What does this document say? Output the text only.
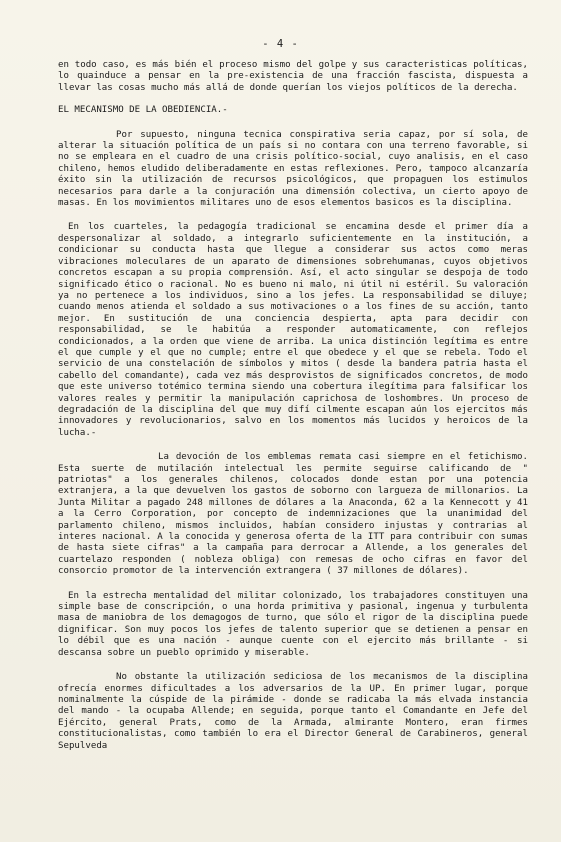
- 4 -

en todo caso, es más bién el proceso mismo del golpe y sus caracteristicas políticas, lo quainduce a pensar en la pre-existencia de una fracción fascista, dispuesta a llevar las cosas mucho más allá de donde querían los viejos políticos de la derecha.

EL MECANISMO DE LA OBEDIENCIA.-

Por supuesto, ninguna tecnica conspirativa seria capaz, por sí sola, de alterar la situación política de un país si no contara con una terreno favorable, si no se empleara en el cuadro de una crisis político-social, cuyo analisis, en el caso chileno, hemos eludido deliberadamente en estas reflexiones. Pero, tampoco alcanzaría éxito sin la utilización de recursos psicológicos, que propaguen los estimulos necesarios para darle a la conjuración una dimensión colectiva, un cierto apoyo de masas. En los movimientos militares uno de esos elementos basicos es la disciplina.

En los cuarteles, la pedagogía tradicional se encamina desde el primer día a despersonalizar al soldado, a integrarlo suficientemente en la institución, a condicionar su conducta hasta que llegue a considerar sus actos como meras vibraciones moleculares de un aparato de dimensiones sobrehumanas, cuyos objetivos concretos escapan a su propia comprensión. Así, el acto singular se despoja de todo significado ético o racional. No es bueno ni malo, ni útil ni estéril. Su valoración ya no pertenece a los individuos, sino a los jefes. La responsabilidad se diluye; cuando menos atienda el soldado a sus motivaciones o a los fines de su acción, tanto mejor. En sustitución de una conciencia despierta, apta para decidir con responsabilidad, se le habitúa a responder automaticamente, con reflejos condicionados, a la orden que viene de arriba. La unica distinción legítima es entre el que cumple y el que no cumple; entre el que obedece y el que se rebela. Todo el servicio de una constelación de símbolos y mitos ( desde la bandera patria hasta el cabello del comandante), cada vez más desprovistos de significados concretos, de modo que este universo totémico termina siendo una cobertura ilegítima para falsificar los valores reales y permitir la manipulación caprichosa de loshombres. Un proceso de degradación de la disciplina del que muy difí cilmente escapan aún los ejercitos más innovadores y revolucionarios, salvo en los momentos más lucidos y heroicos de la lucha.-

La devoción de los emblemas remata casi siempre en el fetichismo. Esta suerte de mutilación intelectual les permite seguirse calificando de " patriotas" a los generales chilenos, colocados donde estan por una potencia extranjera, a la que devuelven los gastos de soborno con largueza de millonarios. La Junta Militar a pagado 248 millones de dólares a la Anaconda, 62 a la Kennecott y 41 a la Cerro Corporation, por concepto de indemnizaciones que la unanimidad del parlamento chileno, mismos incluidos, habían considero injustas y contrarias al interes nacional. A la conocida y generosa oferta de la ITT para contribuir con sumas de hasta siete cifras" a la campaña para derrocar a Allende, a los generales del cuartelazo responden ( nobleza obliga) con remesas de ocho cifras en favor del consorcio promotor de la intervención extrangera ( 37 millones de dólares).

En la estrecha mentalidad del militar colonizado, los trabajadores constituyen una simple base de conscripción, o una horda primitiva y pasional, ingenua y turbulenta masa de maniobra de los demagogos de turno, que sólo el rigor de la disciplina puede dignificar. Son muy pocos los jefes de talento superior que se detienen a pensar en lo débil que es una nación - aunque cuente con el ejercito más brillante - si descansa sobre un pueblo oprimido y miserable.

No obstante la utilización sediciosa de los mecanismos de la disciplina ofrecía enormes dificultades a los adversarios de la UP. En primer lugar, porque nominalmente la cúspide de la pirámide - donde se radicaba la más elvada instancia del mando - la ocupaba Allende; en seguida, porque tanto el Comandante en Jefe del Ejército, general Prats, como de la Armada, almirante Montero, eran firmes constitucionalistas, como también lo era el Director General de Carabineros, general Sepulveda
